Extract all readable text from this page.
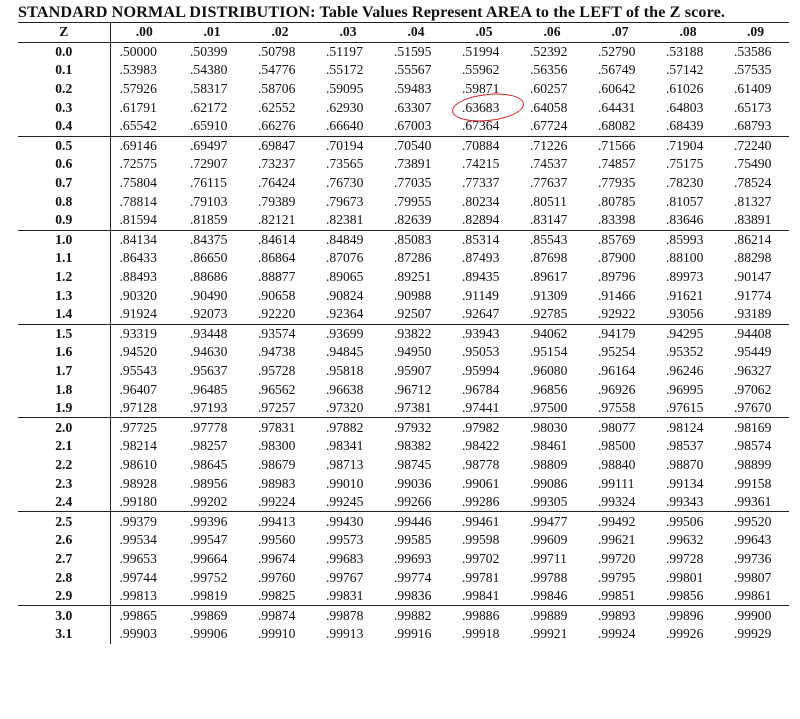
STANDARD NORMAL DISTRIBUTION: Table Values Represent AREA to the LEFT of the Z score.
Z	.00	.01	.02	.03	.04	.05	.06	.07	.08	.09
0.0	.50000	.50399	.50798	.51197	.51595	.51994	.52392	.52790	.53188	.53586
0.1	.53983	.54380	.54776	.55172	.55567	.55962	.56356	.56749	.57142	.57535
0.2	.57926	.58317	.58706	.59095	.59483	.59871	.60257	.60642	.61026	.61409
0.3	.61791	.62172	.62552	.62930	.63307	.63683	.64058	.64431	.64803	.65173
0.4	.65542	.65910	.66276	.66640	.67003	.67364	.67724	.68082	.68439	.68793
0.5	.69146	.69497	.69847	.70194	.70540	.70884	.71226	.71566	.71904	.72240
0.6	.72575	.72907	.73237	.73565	.73891	.74215	.74537	.74857	.75175	.75490
0.7	.75804	.76115	.76424	.76730	.77035	.77337	.77637	.77935	.78230	.78524
0.8	.78814	.79103	.79389	.79673	.79955	.80234	.80511	.80785	.81057	.81327
0.9	.81594	.81859	.82121	.82381	.82639	.82894	.83147	.83398	.83646	.83891
1.0	.84134	.84375	.84614	.84849	.85083	.85314	.85543	.85769	.85993	.86214
1.1	.86433	.86650	.86864	.87076	.87286	.87493	.87698	.87900	.88100	.88298
1.2	.88493	.88686	.88877	.89065	.89251	.89435	.89617	.89796	.89973	.90147
1.3	.90320	.90490	.90658	.90824	.90988	.91149	.91309	.91466	.91621	.91774
1.4	.91924	.92073	.92220	.92364	.92507	.92647	.92785	.92922	.93056	.93189
1.5	.93319	.93448	.93574	.93699	.93822	.93943	.94062	.94179	.94295	.94408
1.6	.94520	.94630	.94738	.94845	.94950	.95053	.95154	.95254	.95352	.95449
1.7	.95543	.95637	.95728	.95818	.95907	.95994	.96080	.96164	.96246	.96327
1.8	.96407	.96485	.96562	.96638	.96712	.96784	.96856	.96926	.96995	.97062
1.9	.97128	.97193	.97257	.97320	.97381	.97441	.97500	.97558	.97615	.97670
2.0	.97725	.97778	.97831	.97882	.97932	.97982	.98030	.98077	.98124	.98169
2.1	.98214	.98257	.98300	.98341	.98382	.98422	.98461	.98500	.98537	.98574
2.2	.98610	.98645	.98679	.98713	.98745	.98778	.98809	.98840	.98870	.98899
2.3	.98928	.98956	.98983	.99010	.99036	.99061	.99086	.99111	.99134	.99158
2.4	.99180	.99202	.99224	.99245	.99266	.99286	.99305	.99324	.99343	.99361
2.5	.99379	.99396	.99413	.99430	.99446	.99461	.99477	.99492	.99506	.99520
2.6	.99534	.99547	.99560	.99573	.99585	.99598	.99609	.99621	.99632	.99643
2.7	.99653	.99664	.99674	.99683	.99693	.99702	.99711	.99720	.99728	.99736
2.8	.99744	.99752	.99760	.99767	.99774	.99781	.99788	.99795	.99801	.99807
2.9	.99813	.99819	.99825	.99831	.99836	.99841	.99846	.99851	.99856	.99861
3.0	.99865	.99869	.99874	.99878	.99882	.99886	.99889	.99893	.99896	.99900
3.1	.99903	.99906	.99910	.99913	.99916	.99918	.99921	.99924	.99926	.99929
